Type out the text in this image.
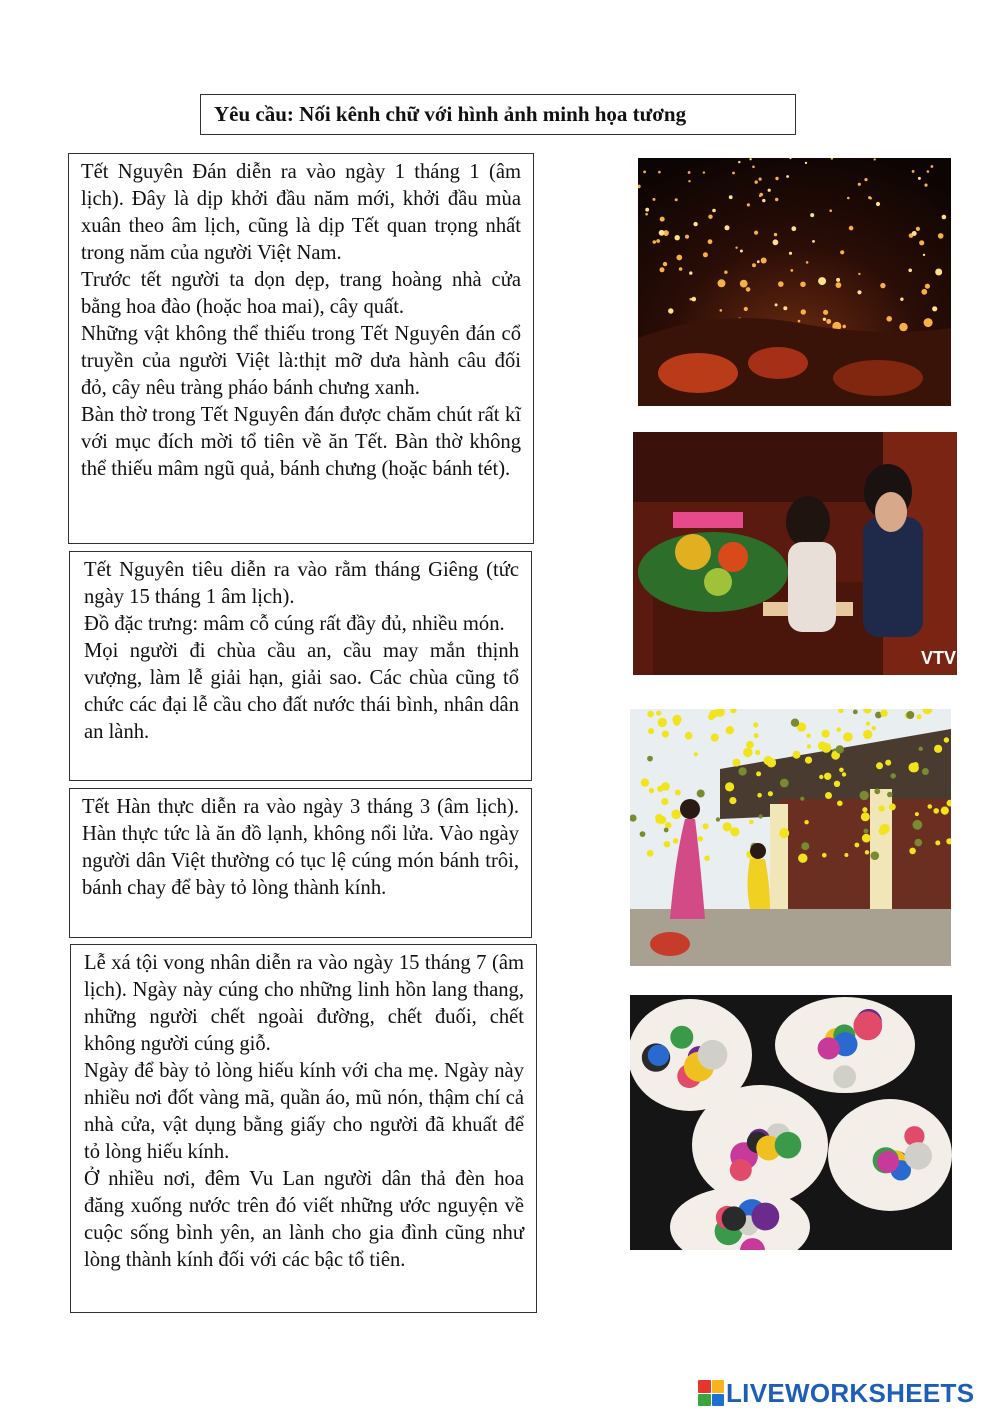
Yêu cầu: Nối kênh chữ với hình ảnh minh họa tương

Tết Nguyên Đán diễn ra vào ngày 1 tháng 1 (âm lịch). Đây là dịp khởi đầu năm mới, khởi đầu mùa xuân theo âm lịch, cũng là dịp Tết quan trọng nhất trong năm của người Việt Nam.

Trước tết người ta dọn dẹp, trang hoàng nhà cửa bằng hoa đào (hoặc hoa mai), cây quất.

Những vật không thể thiếu trong Tết Nguyên đán cổ truyền của người Việt là:thịt mỡ dưa hành câu đối đỏ, cây nêu tràng pháo bánh chưng xanh.

Bàn thờ trong Tết Nguyên đán được chăm chút rất kĩ với mục đích mời tổ tiên về ăn Tết. Bàn thờ không thể thiếu mâm ngũ quả, bánh chưng (hoặc bánh tét).

Tết Nguyên tiêu diễn ra vào rằm tháng Giêng (tức ngày 15 tháng 1 âm lịch).

Đồ đặc trưng: mâm cỗ cúng rất đầy đủ, nhiều món.

Mọi người đi chùa cầu an, cầu may mắn thịnh vượng, làm lễ giải hạn, giải sao. Các chùa cũng tổ chức các đại lễ cầu cho đất nước thái bình, nhân dân an lành.

Tết Hàn thực diễn ra vào ngày 3 tháng 3 (âm lịch). Hàn thực tức là ăn đồ lạnh, không nổi lửa. Vào ngày người dân Việt thường có tục lệ cúng món bánh trôi, bánh chay để bày tỏ lòng thành kính.

Lễ xá tội vong nhân diễn ra vào ngày 15 tháng 7 (âm lịch). Ngày này cúng cho những linh hồn lang thang, những người chết ngoài đường, chết đuối, chết không người cúng giỗ.

Ngày để bày tỏ lòng hiếu kính với cha mẹ. Ngày này nhiều nơi đốt vàng mã, quần áo, mũ nón, thậm chí cả nhà cửa, vật dụng bằng giấy cho người đã khuất để tỏ lòng hiếu kính.

Ở nhiều nơi, đêm Vu Lan người dân thả đèn hoa đăng xuống nước trên đó viết những ước nguyện về cuộc sống bình yên, an lành cho gia đình cũng như lòng thành kính đối với các bậc tổ tiên.

VTV
LIVEWORKSHEETS
